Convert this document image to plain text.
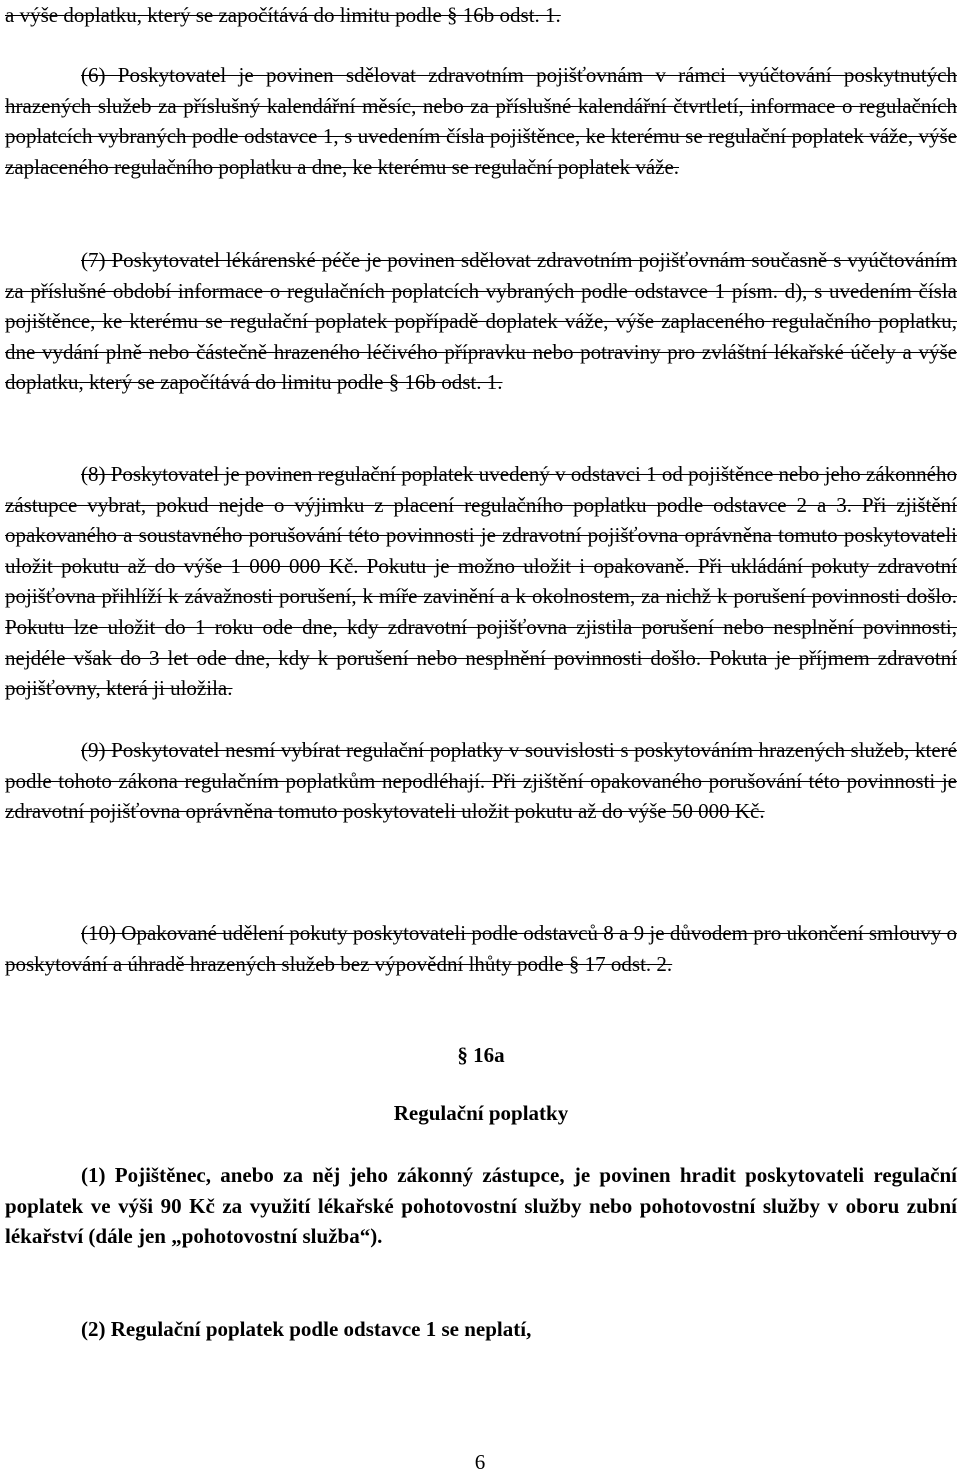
a výše doplatku, který se započítává do limitu podle § 16b odst. 1.

(6) Poskytovatel je povinen sdělovat zdravotním pojišťovnám v rámci vyúčtování poskytnutých hrazených služeb za příslušný kalendářní měsíc, nebo za příslušné kalendářní čtvrtletí, informace o regulačních poplatcích vybraných podle odstavce 1, s uvedením čísla pojištěnce, ke kterému se regulační poplatek váže, výše zaplaceného regulačního poplatku a dne, ke kterému se regulační poplatek váže.

(7) Poskytovatel lékárenské péče je povinen sdělovat zdravotním pojišťovnám současně s vyúčtováním za příslušné období informace o regulačních poplatcích vybraných podle odstavce 1 písm. d), s uvedením čísla pojištěnce, ke kterému se regulační poplatek popřípadě doplatek váže, výše zaplaceného regulačního poplatku, dne vydání plně nebo částečně hrazeného léčivého přípravku nebo potraviny pro zvláštní lékařské účely a výše doplatku, který se započítává do limitu podle § 16b odst. 1.

(8) Poskytovatel je povinen regulační poplatek uvedený v odstavci 1 od pojištěnce nebo jeho zákonného zástupce vybrat, pokud nejde o výjimku z placení regulačního poplatku podle odstavce 2 a 3. Při zjištění opakovaného a soustavného porušování této povinnosti je zdravotní pojišťovna oprávněna tomuto poskytovateli uložit pokutu až do výše 1 000 000 Kč. Pokutu je možno uložit i opakovaně. Při ukládání pokuty zdravotní pojišťovna přihlíží k závažnosti porušení, k míře zavinění a k okolnostem, za nichž k porušení povinnosti došlo. Pokutu lze uložit do 1 roku ode dne, kdy zdravotní pojišťovna zjistila porušení nebo nesplnění povinnosti, nejdéle však do 3 let ode dne, kdy k porušení nebo nesplnění povinnosti došlo. Pokuta je příjmem zdravotní pojišťovny, která ji uložila.

(9) Poskytovatel nesmí vybírat regulační poplatky v souvislosti s poskytováním hrazených služeb, které podle tohoto zákona regulačním poplatkům nepodléhají. Při zjištění opakovaného porušování této povinnosti je zdravotní pojišťovna oprávněna tomuto poskytovateli uložit pokutu až do výše 50 000 Kč.

(10) Opakované udělení pokuty poskytovateli podle odstavců 8 a 9 je důvodem pro ukončení smlouvy o poskytování a úhradě hrazených služeb bez výpovědní lhůty podle § 17 odst. 2.

§ 16a

Regulační poplatky

(1) Pojištěnec, anebo za něj jeho zákonný zástupce, je povinen hradit poskytovateli regulační poplatek ve výši 90 Kč za využití lékařské pohotovostní služby nebo pohotovostní služby v oboru zubní lékařství (dále jen „pohotovostní služba“).

(2) Regulační poplatek podle odstavce 1 se neplatí,

6
